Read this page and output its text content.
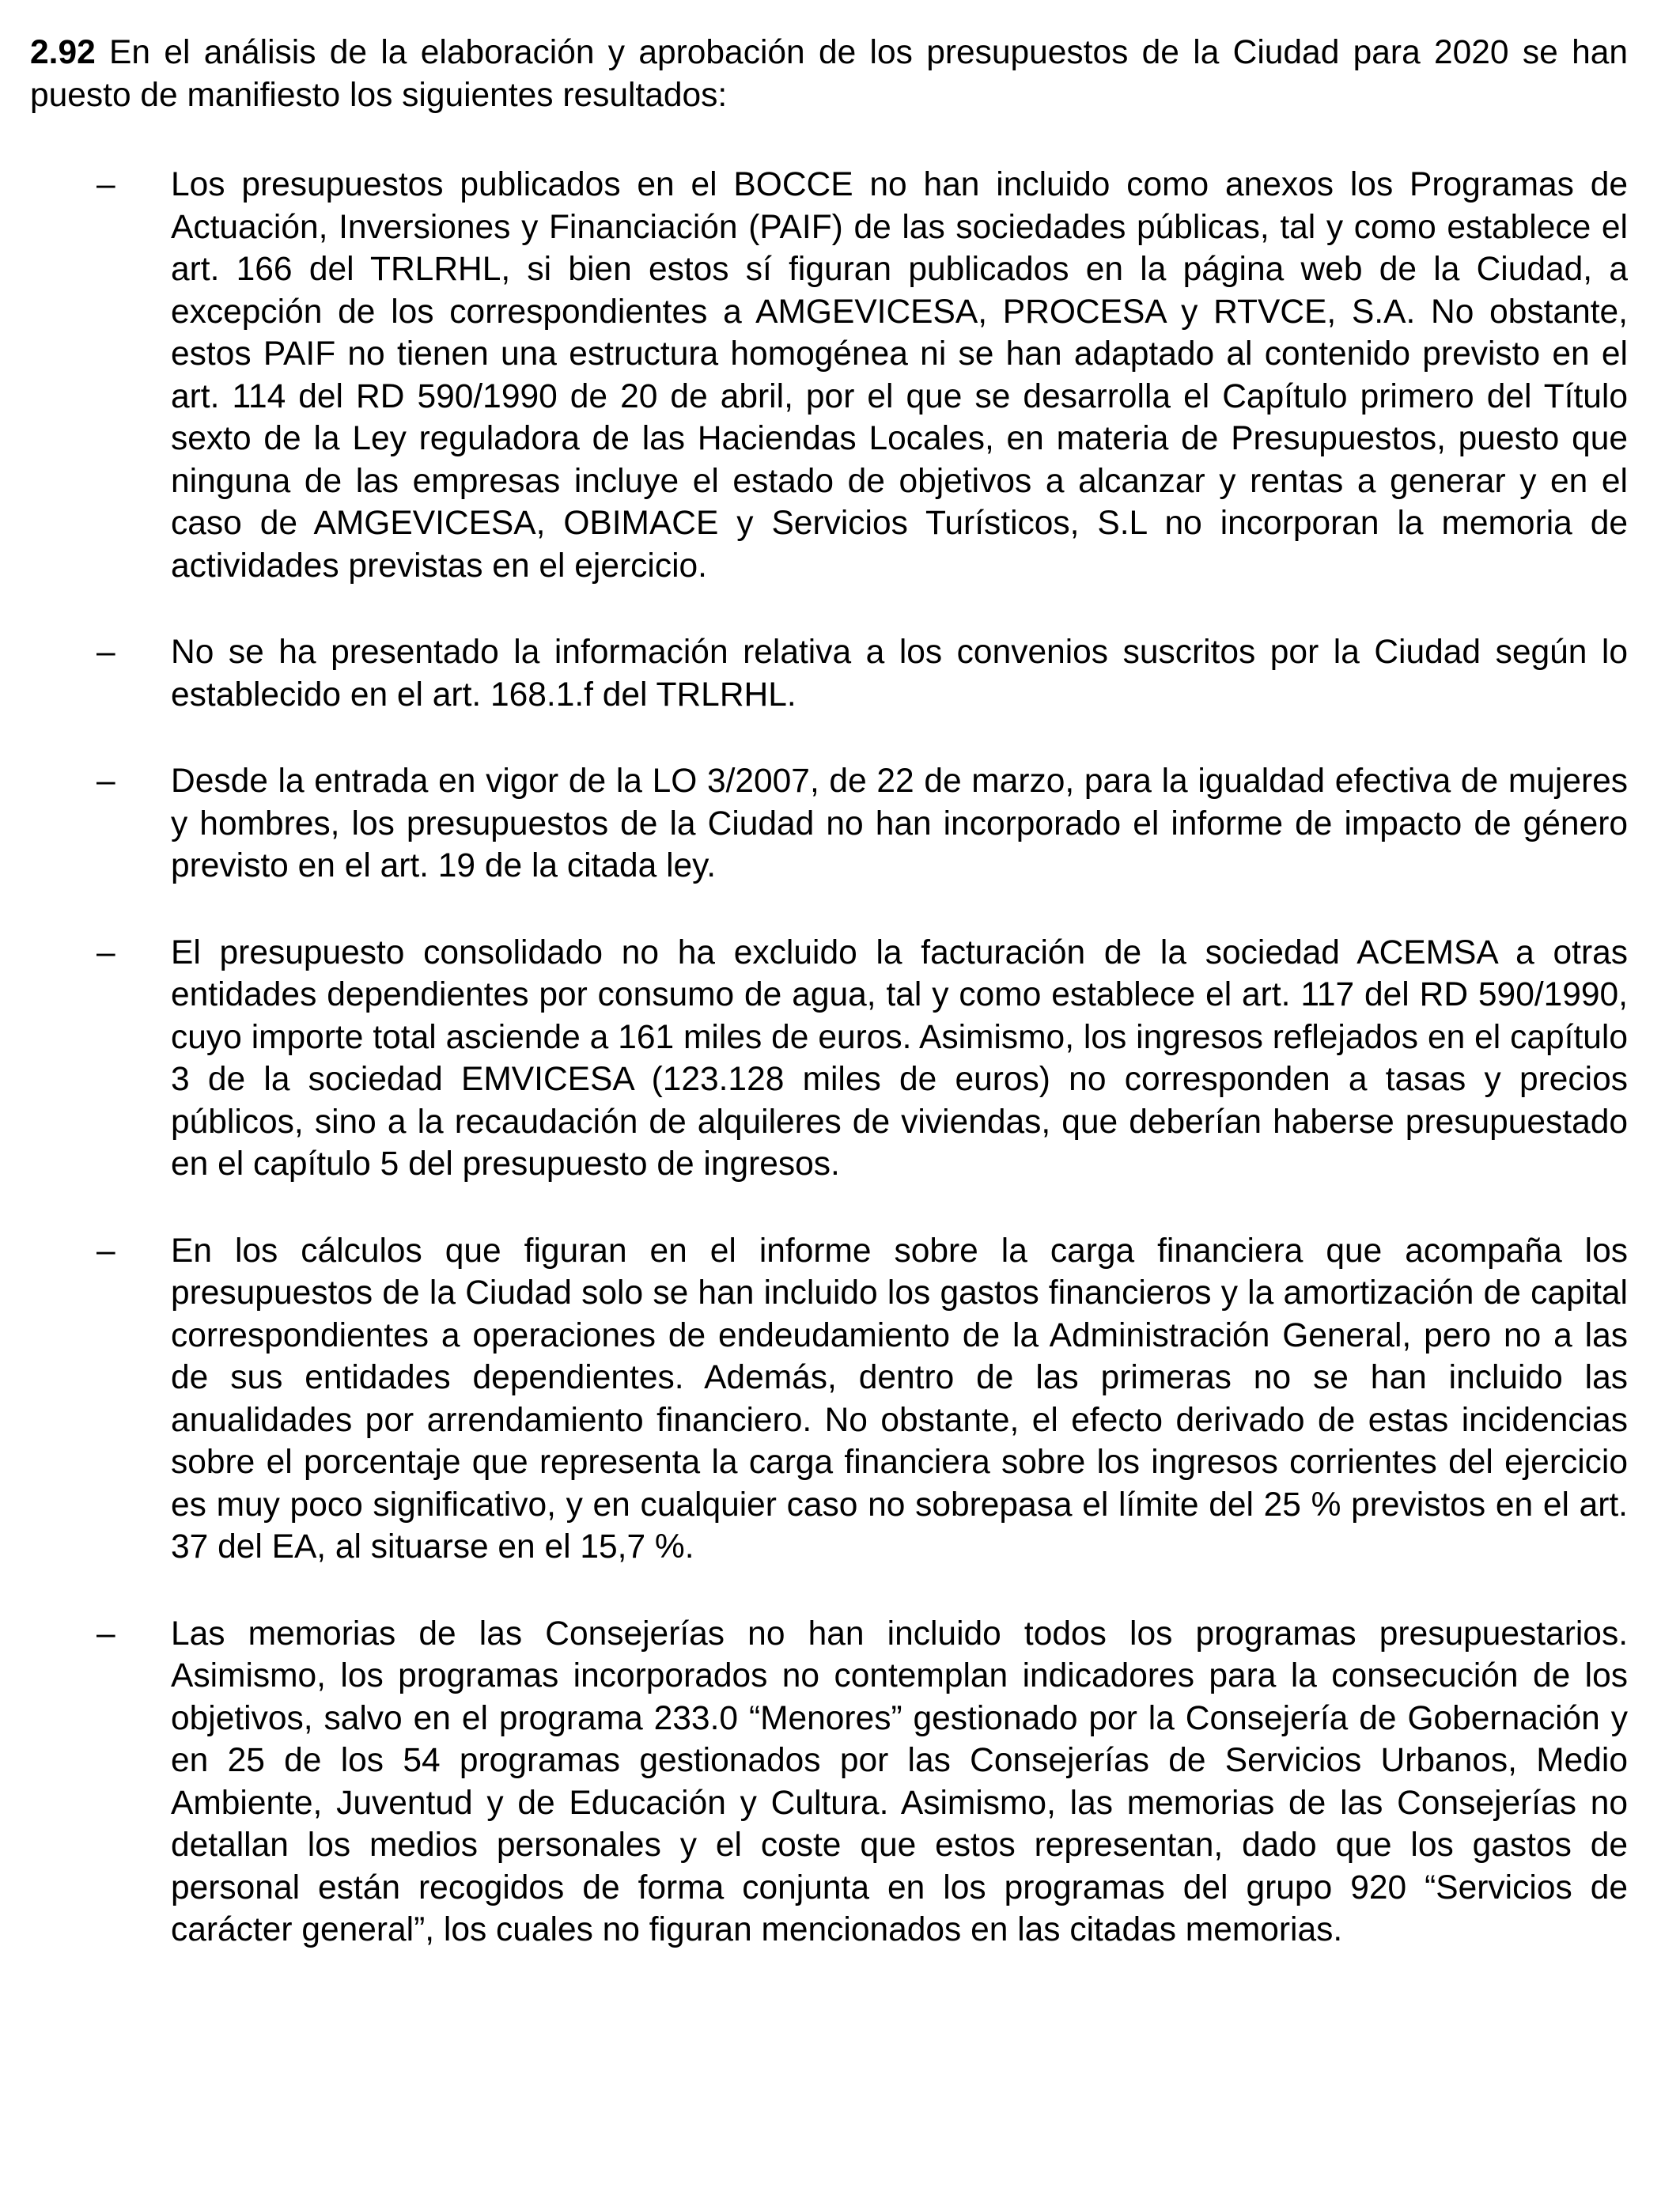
2.92 En el análisis de la elaboración y aprobación de los presupuestos de la Ciudad para 2020 se han puesto de manifiesto los siguientes resultados:

–	Los presupuestos publicados en el BOCCE no han incluido como anexos los Programas de Actuación, Inversiones y Financiación (PAIF) de las sociedades públicas, tal y como establece el art. 166 del TRLRHL, si bien estos sí figuran publicados en la página web de la Ciudad, a excepción de los correspondientes a AMGEVICESA, PROCESA y RTVCE, S.A. No obstante, estos PAIF no tienen una estructura homogénea ni se han adaptado al contenido previsto en el art. 114 del RD 590/1990 de 20 de abril, por el que se desarrolla el Capítulo primero del Título sexto de la Ley reguladora de las Haciendas Locales, en materia de Presupuestos, puesto que ninguna de las empresas incluye el estado de objetivos a alcanzar y rentas a generar y en el caso de AMGEVICESA, OBIMACE y Servicios Turísticos, S.L no incorporan la memoria de actividades previstas en el ejercicio.
–	No se ha presentado la información relativa a los convenios suscritos por la Ciudad según lo establecido en el art. 168.1.f del TRLRHL.
–	Desde la entrada en vigor de la LO 3/2007, de 22 de marzo, para la igualdad efectiva de mujeres y hombres, los presupuestos de la Ciudad no han incorporado el informe de impacto de género previsto en el art. 19 de la citada ley.
–	El presupuesto consolidado no ha excluido la facturación de la sociedad ACEMSA a otras entidades dependientes por consumo de agua, tal y como establece el art. 117 del RD 590/1990, cuyo importe total asciende a 161 miles de euros. Asimismo, los ingresos reflejados en el capítulo 3 de la sociedad EMVICESA (123.128 miles de euros) no corresponden a tasas y precios públicos, sino a la recaudación de alquileres de viviendas, que deberían haberse presupuestado en el capítulo 5 del presupuesto de ingresos.
–	En los cálculos que figuran en el informe sobre la carga financiera que acompaña los presupuestos de la Ciudad solo se han incluido los gastos financieros y la amortización de capital correspondientes a operaciones de endeudamiento de la Administración General, pero no a las de sus entidades dependientes. Además, dentro de las primeras no se han incluido las anualidades por arrendamiento financiero. No obstante, el efecto derivado de estas incidencias sobre el porcentaje que representa la carga financiera sobre los ingresos corrientes del ejercicio es muy poco significativo, y en cualquier caso no sobrepasa el límite del 25 % previstos en el art. 37 del EA, al situarse en el 15,7 %.
–	Las memorias de las Consejerías no han incluido todos los programas presupuestarios. Asimismo, los programas incorporados no contemplan indicadores para la consecución de los objetivos, salvo en el programa 233.0 “Menores” gestionado por la Consejería de Gobernación y en 25 de los 54 programas gestionados por las Consejerías de Servicios Urbanos, Medio Ambiente, Juventud y de Educación y Cultura. Asimismo, las memorias de las Consejerías no detallan los medios personales y el coste que estos representan, dado que los gastos de personal están recogidos de forma conjunta en los programas del grupo 920 “Servicios de carácter general”, los cuales no figuran mencionados en las citadas memorias.
